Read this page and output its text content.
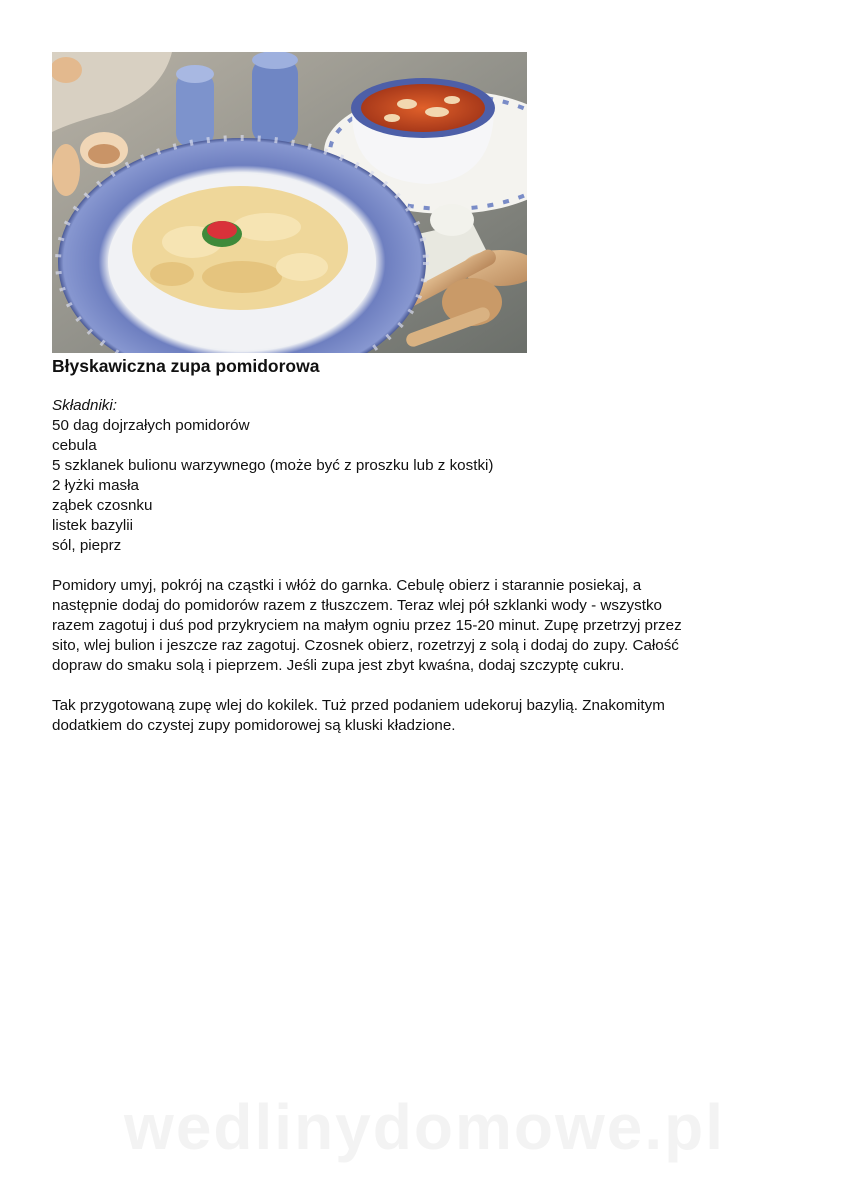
Błyskawiczna zupa pomidorowa
Składniki:
50 dag dojrzałych pomidorów
cebula
5 szklanek bulionu warzywnego (może być z proszku lub z kostki)
2 łyżki masła
ząbek czosnku
listek bazylii
sól, pieprz
Pomidory umyj, pokrój na cząstki i włóż do garnka. Cebulę obierz i starannie posiekaj, a
następnie dodaj do pomidorów razem z tłuszczem. Teraz wlej pół szklanki wody - wszystko
razem zagotuj i duś pod przykryciem na małym ogniu przez 15-20 minut. Zupę przetrzyj przez
sito, wlej bulion i jeszcze raz zagotuj. Czosnek obierz, rozetrzyj z solą i dodaj do zupy. Całość
dopraw do smaku solą i pieprzem. Jeśli zupa jest zbyt kwaśna, dodaj szczyptę cukru.
Tak przygotowaną zupę wlej do kokilek. Tuż przed podaniem udekoruj bazylią. Znakomitym
dodatkiem do czystej zupy pomidorowej są kluski kładzione.
wedlinydomowe.pl
